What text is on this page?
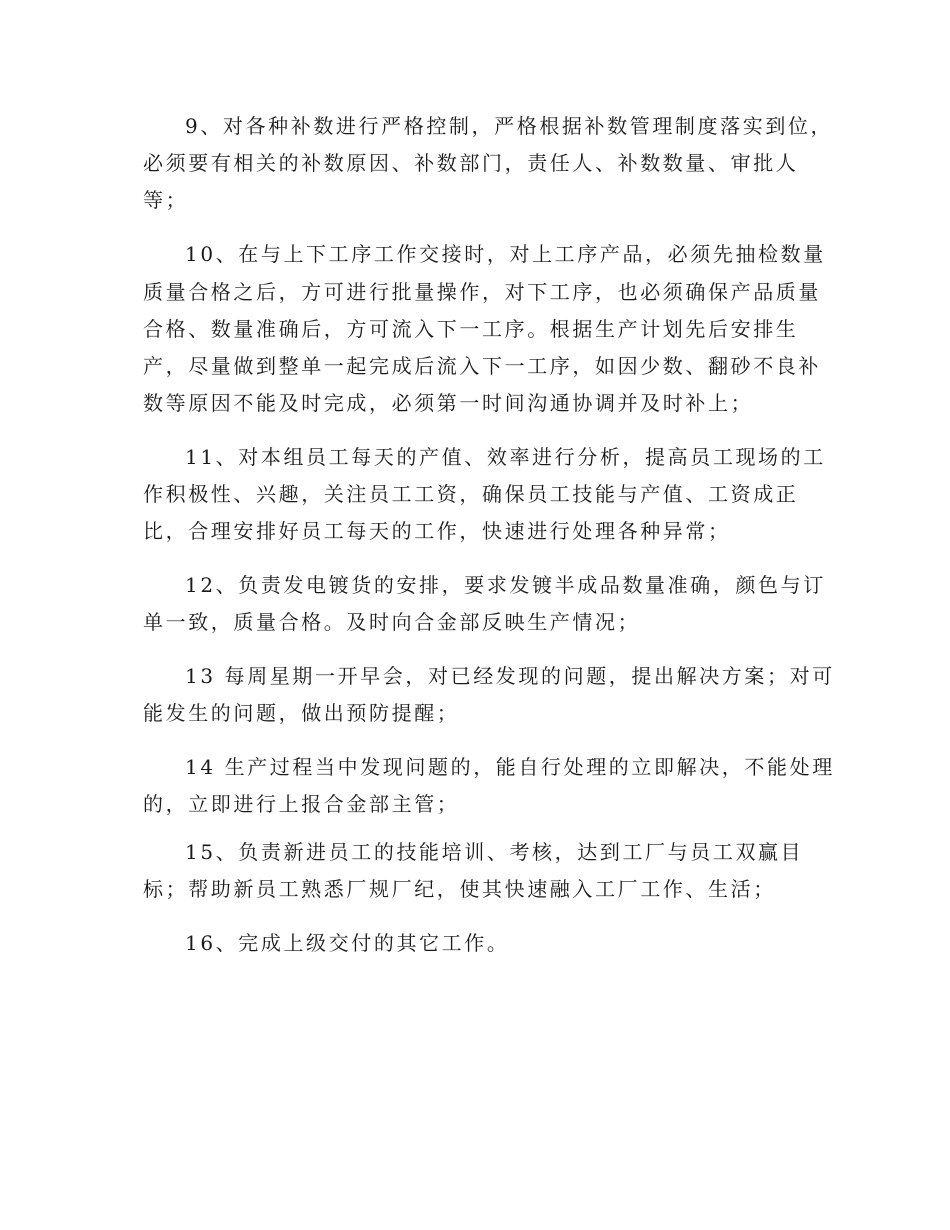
9、对各种补数进行严格控制，严格根据补数管理制度落实到位，
必须要有相关的补数原因、补数部门，责任人、补数数量、审批人
等；
10、在与上下工序工作交接时，对上工序产品，必须先抽检数量
质量合格之后，方可进行批量操作，对下工序，也必须确保产品质量
合格、数量准确后，方可流入下一工序。根据生产计划先后安排生
产，尽量做到整单一起完成后流入下一工序，如因少数、翻砂不良补
数等原因不能及时完成，必须第一时间沟通协调并及时补上；
11、对本组员工每天的产值、效率进行分析，提高员工现场的工
作积极性、兴趣，关注员工工资，确保员工技能与产值、工资成正
比，合理安排好员工每天的工作，快速进行处理各种异常；
12、负责发电镀货的安排，要求发镀半成品数量准确，颜色与订
单一致，质量合格。及时向合金部反映生产情况；
13 每周星期一开早会，对已经发现的问题，提出解决方案；对可
能发生的问题，做出预防提醒；
14 生产过程当中发现问题的，能自行处理的立即解决，不能处理
的，立即进行上报合金部主管；
15、负责新进员工的技能培训、考核，达到工厂与员工双赢目
标；帮助新员工熟悉厂规厂纪，使其快速融入工厂工作、生活；
16、完成上级交付的其它工作。
